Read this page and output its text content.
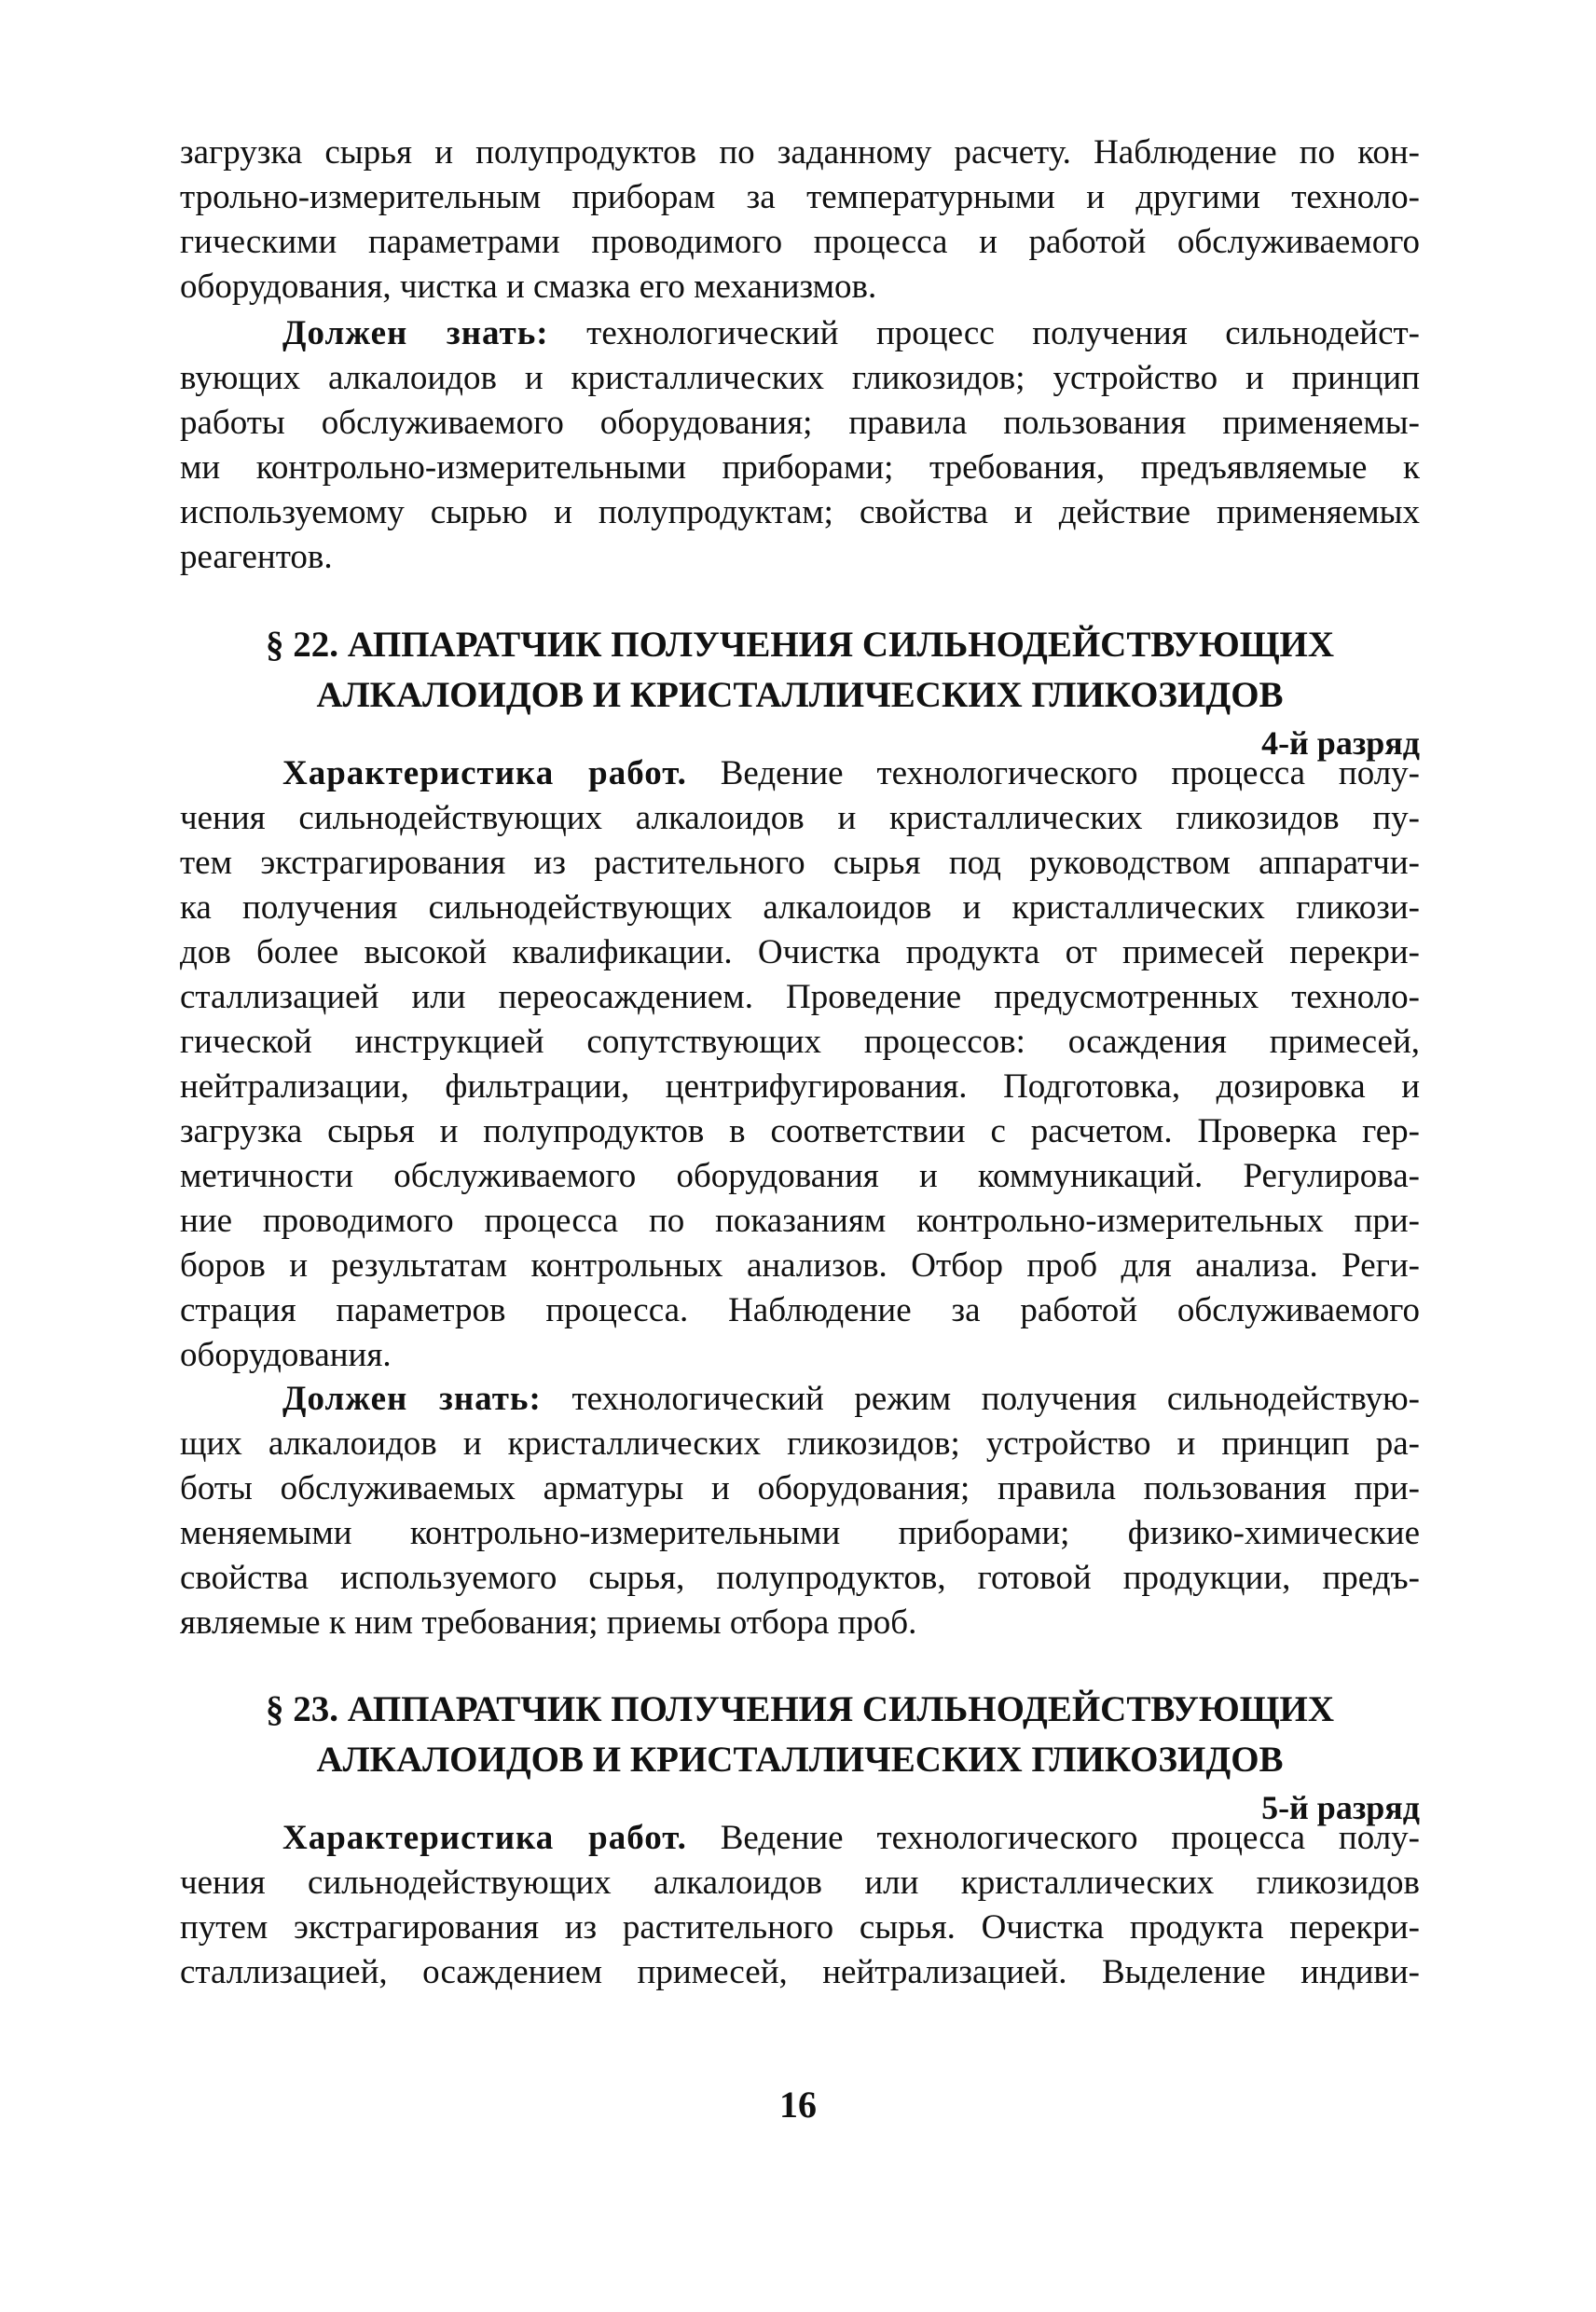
загрузка сырья и полупродуктов по заданному расчету. Наблюдение по кон-
трольно-измерительным приборам за температурными и другими техноло-
гическими параметрами проводимого процесса и работой обслуживаемого
оборудования, чистка и смазка его механизмов.
Должен знать: технологический процесс получения сильнодейст-
вующих алкалоидов и кристаллических гликозидов; устройство и принцип
работы обслуживаемого оборудования; правила пользования применяемы-
ми контрольно-измерительными приборами; требования, предъявляемые к
используемому сырью и полупродуктам; свойства и действие применяемых
реагентов.
§ 22. АППАРАТЧИК ПОЛУЧЕНИЯ СИЛЬНОДЕЙСТВУЮЩИХ
АЛКАЛОИДОВ И КРИСТАЛЛИЧЕСКИХ ГЛИКОЗИДОВ
4-й разряд
Характеристика работ. Ведение технологического процесса полу-
чения сильнодействующих алкалоидов и кристаллических гликозидов пу-
тем экстрагирования из растительного сырья под руководством аппаратчи-
ка получения сильнодействующих алкалоидов и кристаллических гликози-
дов более высокой квалификации. Очистка продукта от примесей перекри-
сталлизацией или переосаждением. Проведение предусмотренных техноло-
гической инструкцией сопутствующих процессов: осаждения примесей,
нейтрализации, фильтрации, центрифугирования. Подготовка, дозировка и
загрузка сырья и полупродуктов в соответствии с расчетом. Проверка гер-
метичности обслуживаемого оборудования и коммуникаций. Регулирова-
ние проводимого процесса по показаниям контрольно-измерительных при-
боров и результатам контрольных анализов. Отбор проб для анализа. Реги-
страция параметров процесса. Наблюдение за работой обслуживаемого
оборудования.
Должен знать: технологический режим получения сильнодействую-
щих алкалоидов и кристаллических гликозидов; устройство и принцип ра-
боты обслуживаемых арматуры и оборудования; правила пользования при-
меняемыми контрольно-измерительными приборами; физико-химические
свойства используемого сырья, полупродуктов, готовой продукции, предъ-
являемые к ним требования; приемы отбора проб.
§ 23. АППАРАТЧИК ПОЛУЧЕНИЯ СИЛЬНОДЕЙСТВУЮЩИХ
АЛКАЛОИДОВ И КРИСТАЛЛИЧЕСКИХ ГЛИКОЗИДОВ
5-й разряд
Характеристика работ. Ведение технологического процесса полу-
чения сильнодействующих алкалоидов или кристаллических гликозидов
путем экстрагирования из растительного сырья. Очистка продукта перекри-
сталлизацией, осаждением примесей, нейтрализацией. Выделение индиви-
16
